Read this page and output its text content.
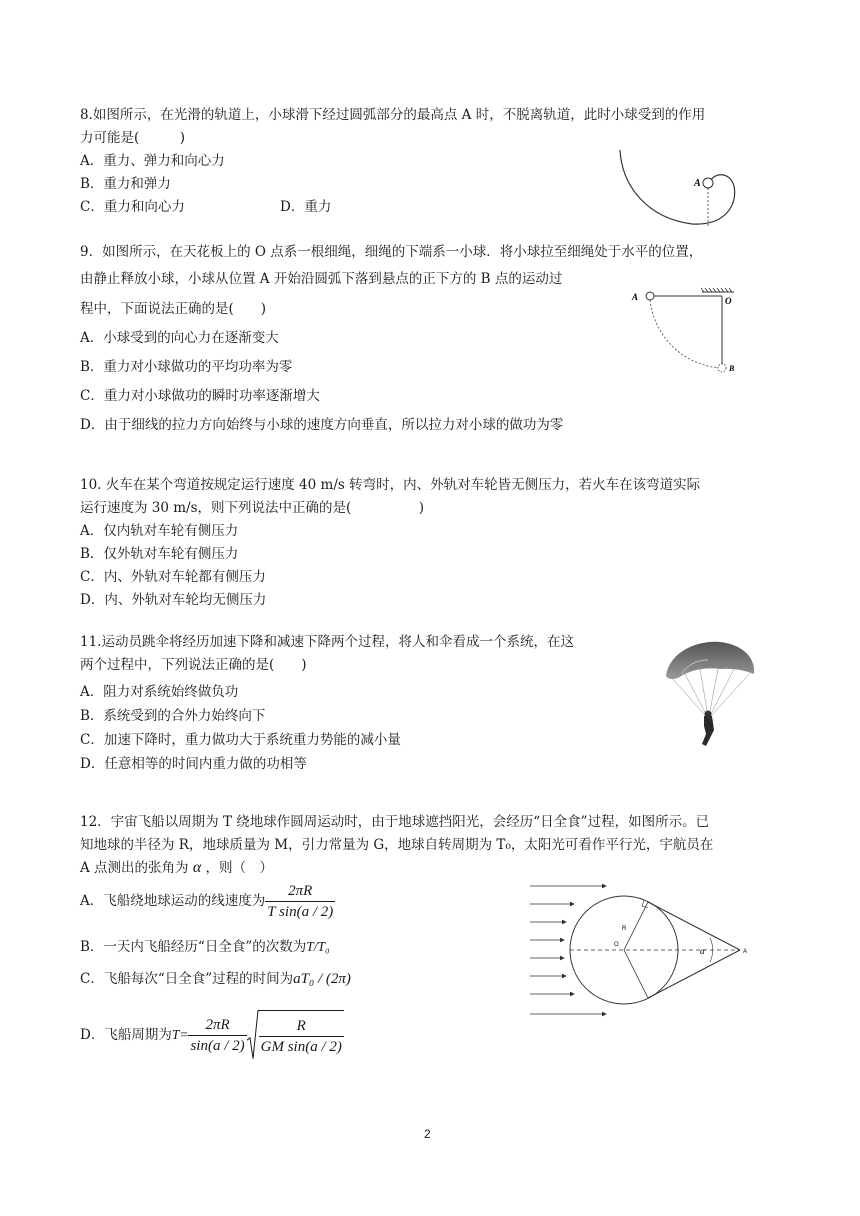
8.如图所示，在光滑的轨道上，小球滑下经过圆弧部分的最高点 A 时，不脱离轨道，此时小球受到的作用
力可能是(　　　)
A．重力、弹力和向心力
B．重力和弹力
C．重力和向心力	D．重力
A
9．如图所示，在天花板上的 O 点系一根细绳，细绳的下端系一小球．将小球拉至细绳处于水平的位置，
由静止释放小球，小球从位置 A 开始沿圆弧下落到悬点的正下方的 B 点的运动过
程中，下面说法正确的是(　　)
A．小球受到的向心力在逐渐变大
B．重力对小球做功的平均功率为零
C．重力对小球做功的瞬时功率逐渐增大
D．由于细线的拉力方向始终与小球的速度方向垂直，所以拉力对小球的做功为零
A	O
B
10. 火车在某个弯道按规定运行速度 40 m/s 转弯时，内、外轨对车轮皆无侧压力，若火车在该弯道实际
运行速度为 30 m/s，则下列说法中正确的是(　　　　　)
A．仅内轨对车轮有侧压力
B．仅外轨对车轮有侧压力
C．内、外轨对车轮都有侧压力
D．内、外轨对车轮均无侧压力
11.运动员跳伞将经历加速下降和减速下降两个过程，将人和伞看成一个系统，在这
两个过程中，下列说法正确的是(　　)
A．阻力对系统始终做负功
B．系统受到的合外力始终向下
C．加速下降时，重力做功大于系统重力势能的减小量
D．任意相等的时间内重力做的功相等
12．宇宙飞船以周期为 T 绕地球作圆周运动时，由于地球遮挡阳光，会经历“日全食”过程，如图所示。已
知地球的半径为 R，地球质量为 M，引力常量为 G，地球自转周期为 T₀，太阳光可看作平行光，宇航员在
A 点测出的张角为 α ，则（　）
A．飞船绕地球运动的线速度为 $\frac{2\pi R}{\text{T sin(a / 2)}}$
B．一天内飞船经历“日全食”的次数为T/T₀
C．飞船每次“日全食”过程的时间为aT₀ / (2π)
D．飞船周期为$T= \frac{2\pi R}{\sin(a / 2)} \frac{R}{\text{GM sin(a / 2)}}$
R
O
α	A
2
